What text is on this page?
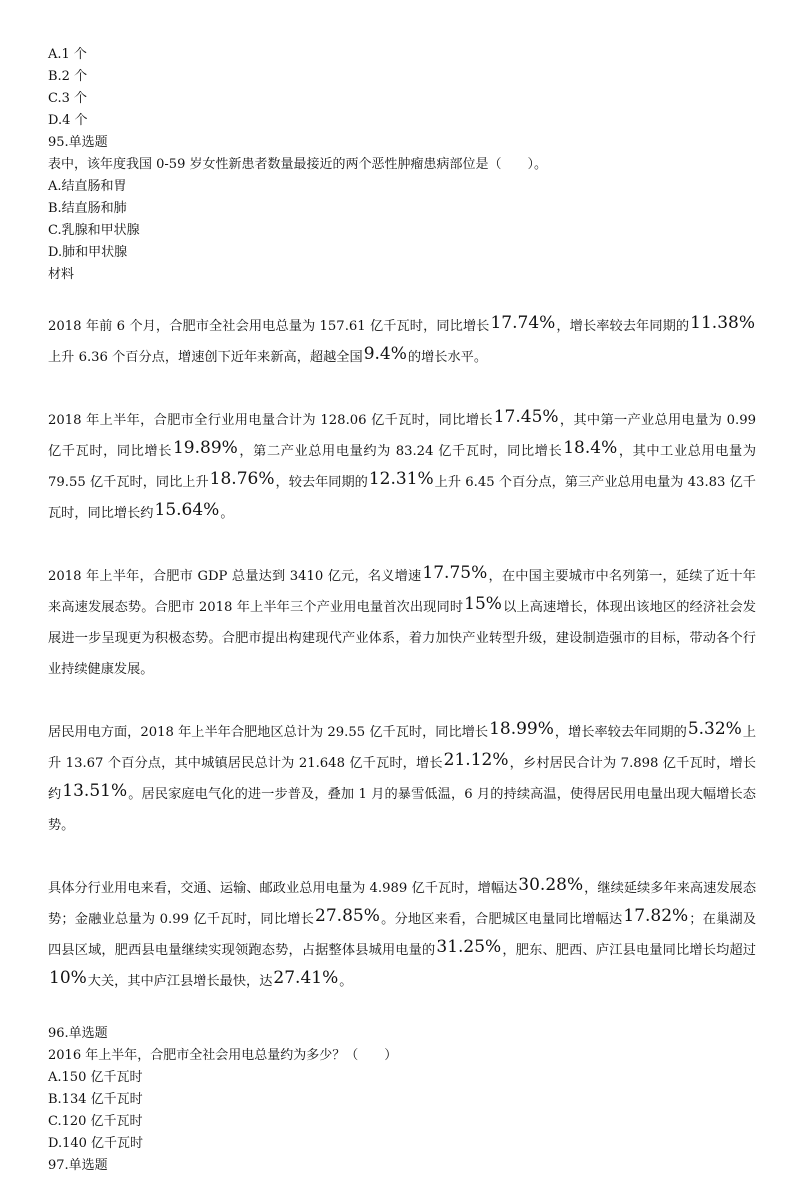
A.1 个
B.2 个
C.3 个
D.4 个
95.单选题
表中，该年度我国 0-59 岁女性新患者数量最接近的两个恶性肿瘤患病部位是（　　）。
A.结直肠和胃
B.结直肠和肺
C.乳腺和甲状腺
D.肺和甲状腺
材料

2018 年前 6 个月，合肥市全社会用电总量为 157.61 亿千瓦时，同比增长17.74%，增长率较去年同期的11.38%上升 6.36 个百分点，增速创下近年来新高，超越全国9.4%的增长水平。

2018 年上半年，合肥市全行业用电量合计为 128.06 亿千瓦时，同比增长17.45%，其中第一产业总用电量为 0.99 亿千瓦时，同比增长19.89%，第二产业总用电量约为 83.24 亿千瓦时，同比增长18.4%，其中工业总用电量为 79.55 亿千瓦时，同比上升18.76%，较去年同期的12.31%上升 6.45 个百分点，第三产业总用电量为 43.83 亿千瓦时，同比增长约15.64%。

2018 年上半年，合肥市 GDP 总量达到 3410 亿元，名义增速17.75%，在中国主要城市中名列第一，延续了近十年来高速发展态势。合肥市 2018 年上半年三个产业用电量首次出现同时15%以上高速增长，体现出该地区的经济社会发展进一步呈现更为积极态势。合肥市提出构建现代产业体系，着力加快产业转型升级，建设制造强市的目标，带动各个行业持续健康发展。

居民用电方面，2018 年上半年合肥地区总计为 29.55 亿千瓦时，同比增长18.99%，增长率较去年同期的5.32%上升 13.67 个百分点，其中城镇居民总计为 21.648 亿千瓦时，增长21.12%，乡村居民合计为 7.898 亿千瓦时，增长约13.51%。居民家庭电气化的进一步普及，叠加 1 月的暴雪低温，6 月的持续高温，使得居民用电量出现大幅增长态势。

具体分行业用电来看，交通、运输、邮政业总用电量为 4.989 亿千瓦时，增幅达30.28%，继续延续多年来高速发展态势；金融业总量为 0.99 亿千瓦时，同比增长27.85%。分地区来看，合肥城区电量同比增幅达17.82%；在巢湖及四县区域，肥西县电量继续实现领跑态势，占据整体县城用电量的31.25%，肥东、肥西、庐江县电量同比增长均超过10%大关，其中庐江县增长最快，达27.41%。

96.单选题
2016 年上半年，合肥市全社会用电总量约为多少？（　　）
A.150 亿千瓦时
B.134 亿千瓦时
C.120 亿千瓦时
D.140 亿千瓦时
97.单选题
